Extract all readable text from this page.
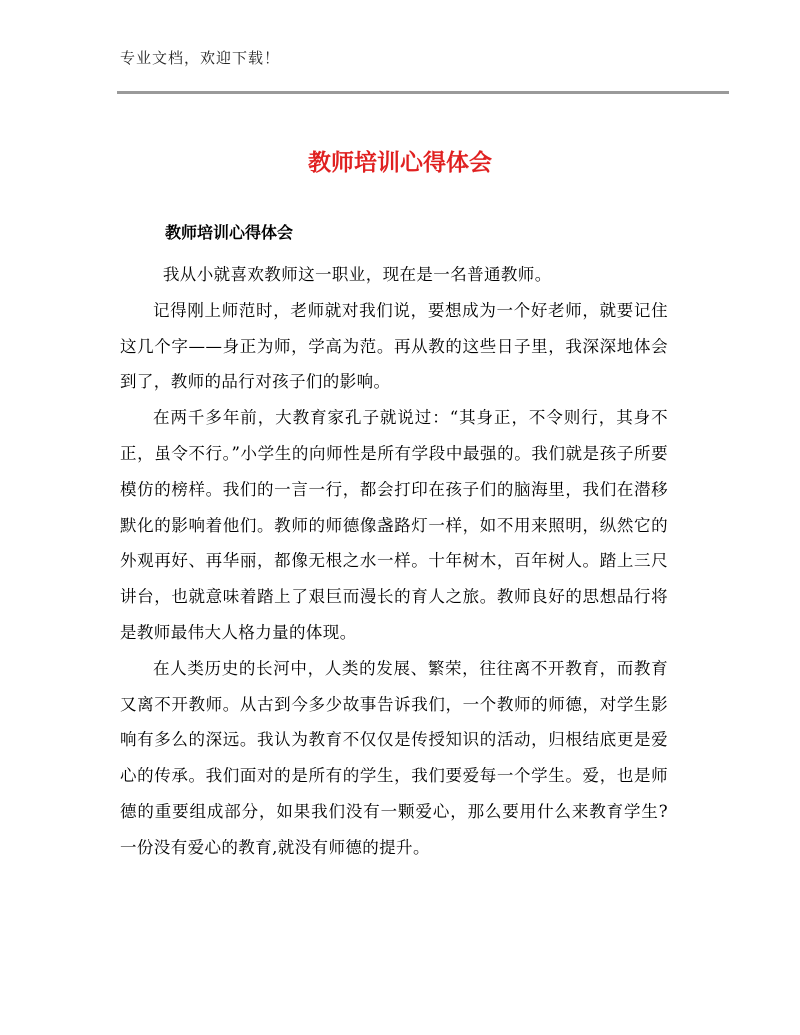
专业文档，欢迎下载！
教师培训心得体会
教师培训心得体会

我从小就喜欢教师这一职业，现在是一名普通教师。

记得刚上师范时，老师就对我们说，要想成为一个好老师，就要记住这几个字——身正为师，学高为范。再从教的这些日子里，我深深地体会到了，教师的品行对孩子们的影响。

在两千多年前，大教育家孔子就说过：“其身正，不令则行，其身不正，虽令不行。”小学生的向师性是所有学段中最强的。我们就是孩子所要模仿的榜样。我们的一言一行，都会打印在孩子们的脑海里，我们在潜移默化的影响着他们。教师的师德像盏路灯一样，如不用来照明，纵然它的外观再好、再华丽，都像无根之水一样。十年树木，百年树人。踏上三尺讲台，也就意味着踏上了艰巨而漫长的育人之旅。教师良好的思想品行将是教师最伟大人格力量的体现。

在人类历史的长河中，人类的发展、繁荣，往往离不开教育，而教育又离不开教师。从古到今多少故事告诉我们，一个教师的师德，对学生影响有多么的深远。我认为教育不仅仅是传授知识的活动，归根结底更是爱心的传承。我们面对的是所有的学生，我们要爱每一个学生。爱，也是师德的重要组成部分，如果我们没有一颗爱心，那么要用什么来教育学生?一份没有爱心的教育,就没有师德的提升。
